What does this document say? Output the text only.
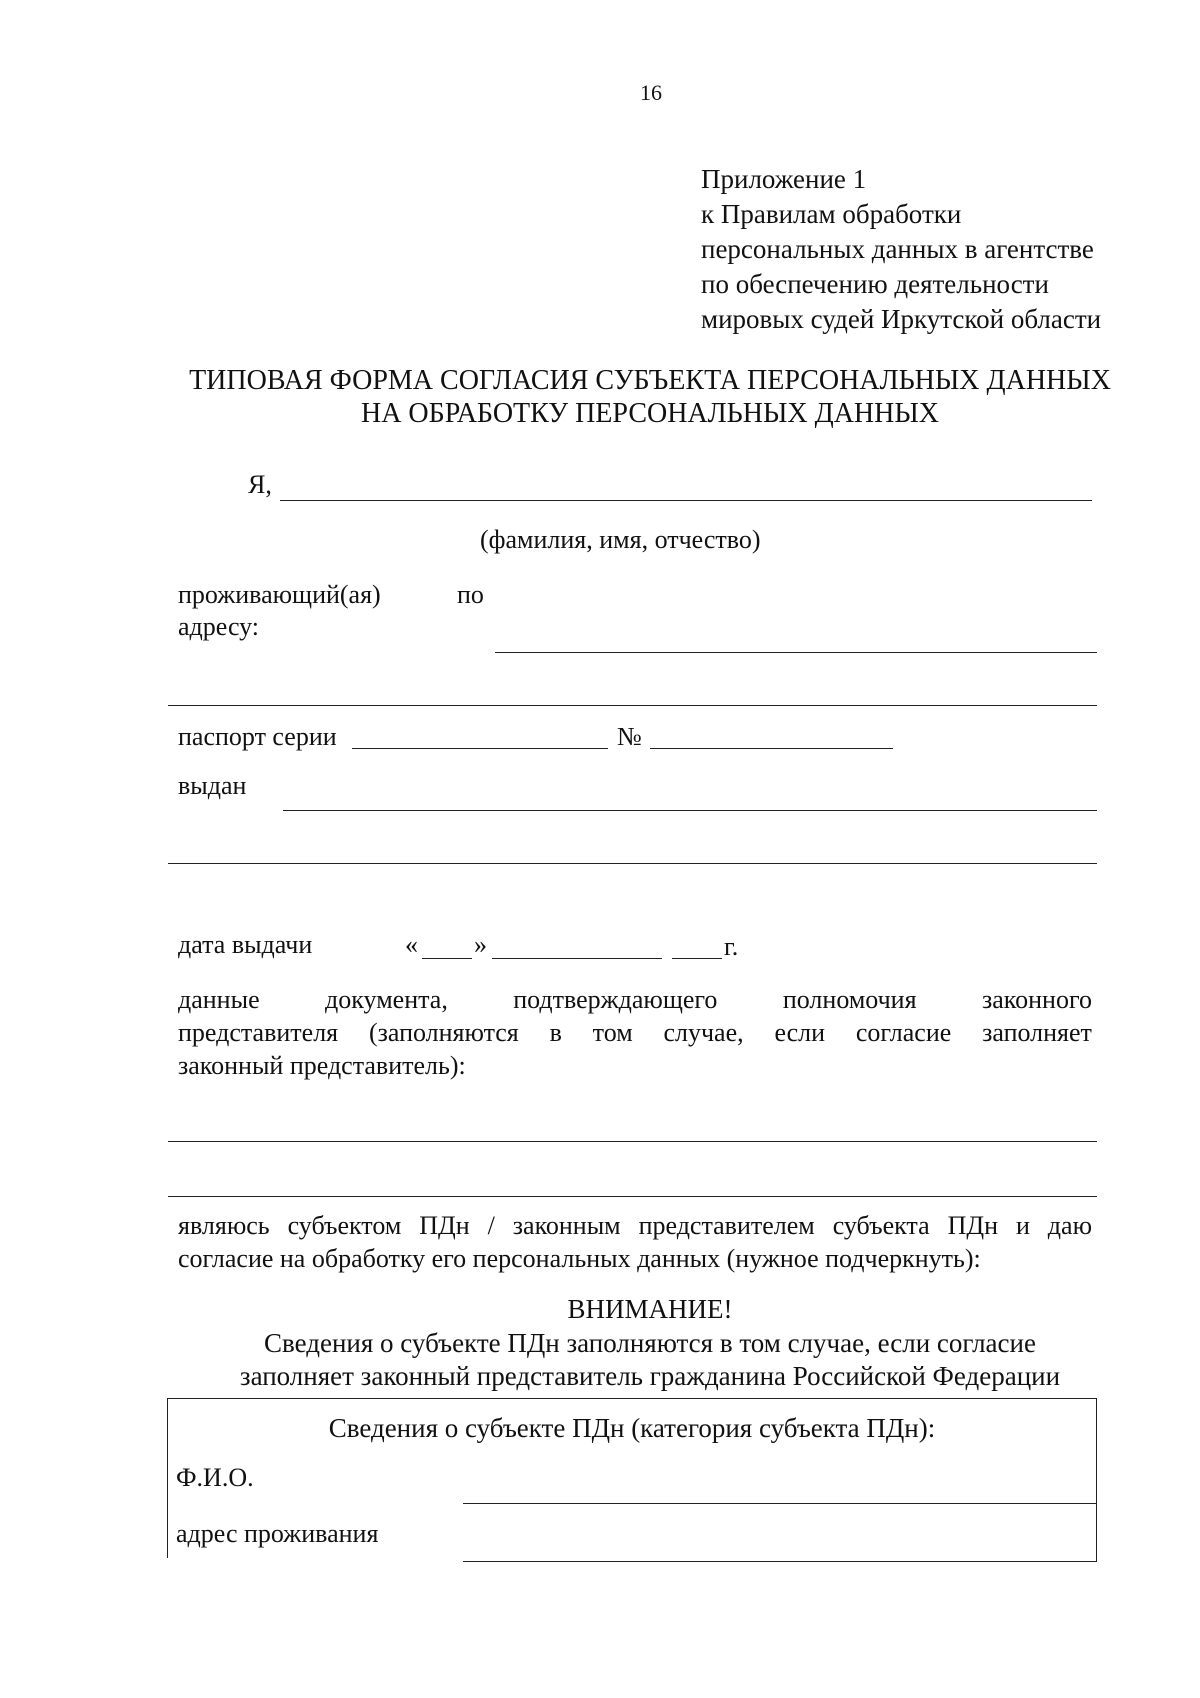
16
Приложение 1
к Правилам обработки
персональных данных в агентстве
по обеспечению деятельности
мировых судей Иркутской области
ТИПОВАЯ ФОРМА СОГЛАСИЯ СУБЪЕКТА ПЕРСОНАЛЬНЫХ ДАННЫХ
НА ОБРАБОТКУ ПЕРСОНАЛЬНЫХ ДАННЫХ
Я,
(фамилия, имя, отчество)
проживающий(ая)	по
адресу:
паспорт серии	№
выдан
дата выдачи	« »	г.
данные	документа,	подтверждающего	полномочия	законного
представителя (заполняются в том случае, если согласие заполняет
законный представитель):
являюсь субъектом ПДн / законным представителем субъекта ПДн и даю
согласие на обработку его персональных данных (нужное подчеркнуть):
ВНИМАНИЕ!
Сведения о субъекте ПДн заполняются в том случае, если согласие
заполняет законный представитель гражданина Российской Федерации
Сведения о субъекте ПДн (категория субъекта ПДн):
Ф.И.О.
адрес проживания
